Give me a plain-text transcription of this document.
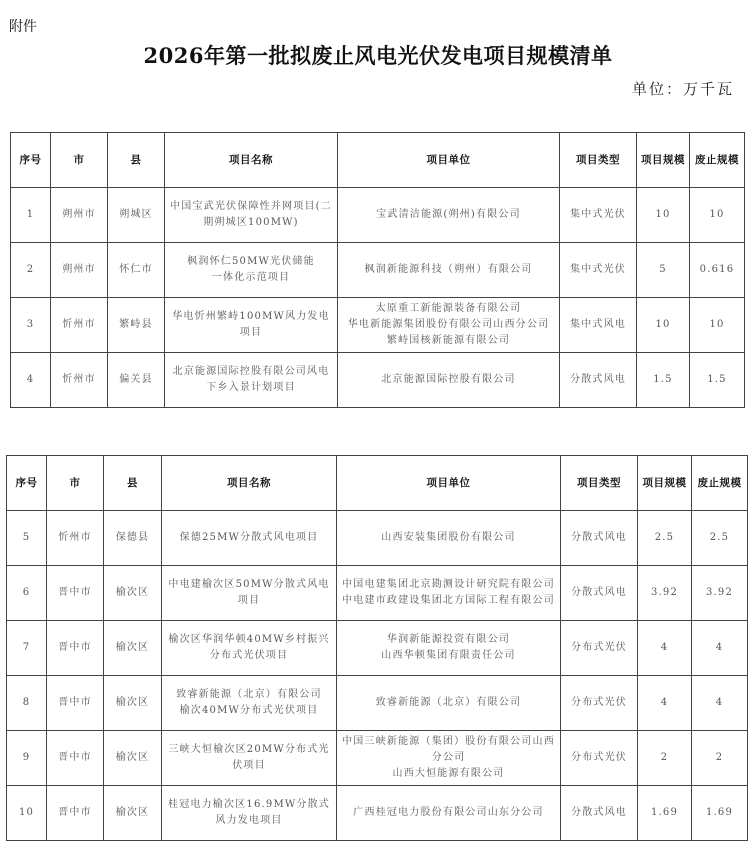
附件
2026年第一批拟废止风电光伏发电项目规模清单
单位：万千瓦
序号	市	县	项目名称	项目单位	项目类型	项目规模	废止规模
1	朔州市	朔城区	中国宝武光伏保障性并网项目(二期朔城区100MW)	宝武清洁能源(朔州)有限公司	集中式光伏	10	10
2	朔州市	怀仁市	枫润怀仁50MW光伏储能
一体化示范项目	枫润新能源科技（朔州）有限公司	集中式光伏	5	0.616
3	忻州市	繁峙县	华电忻州繁峙100MW风力发电项目	太原重工新能源装备有限公司
华电新能源集团股份有限公司山西分公司
繁峙国核新能源有限公司	集中式风电	10	10
4	忻州市	偏关县	北京能源国际控股有限公司风电下乡入景计划项目	北京能源国际控股有限公司	分散式风电	1.5	1.5
序号	市	县	项目名称	项目单位	项目类型	项目规模	废止规模
5	忻州市	保德县	保德25MW分散式风电项目	山西安装集团股份有限公司	分散式风电	2.5	2.5
6	晋中市	榆次区	中电建榆次区50MW分散式风电项目	中国电建集团北京勘测设计研究院有限公司
中电建市政建设集团北方国际工程有限公司	分散式风电	3.92	3.92
7	晋中市	榆次区	榆次区华润华顿40MW乡村振兴分布式光伏项目	华润新能源投资有限公司
山西华顿集团有限责任公司	分布式光伏	4	4
8	晋中市	榆次区	致睿新能源（北京）有限公司
榆次40MW分布式光伏项目	致睿新能源（北京）有限公司	分布式光伏	4	4
9	晋中市	榆次区	三峡大恒榆次区20MW分布式光伏项目	中国三峡新能源（集团）股份有限公司山西分公司
山西大恒能源有限公司	分布式光伏	2	2
10	晋中市	榆次区	桂冠电力榆次区16.9MW分散式风力发电项目	广西桂冠电力股份有限公司山东分公司	分散式风电	1.69	1.69
